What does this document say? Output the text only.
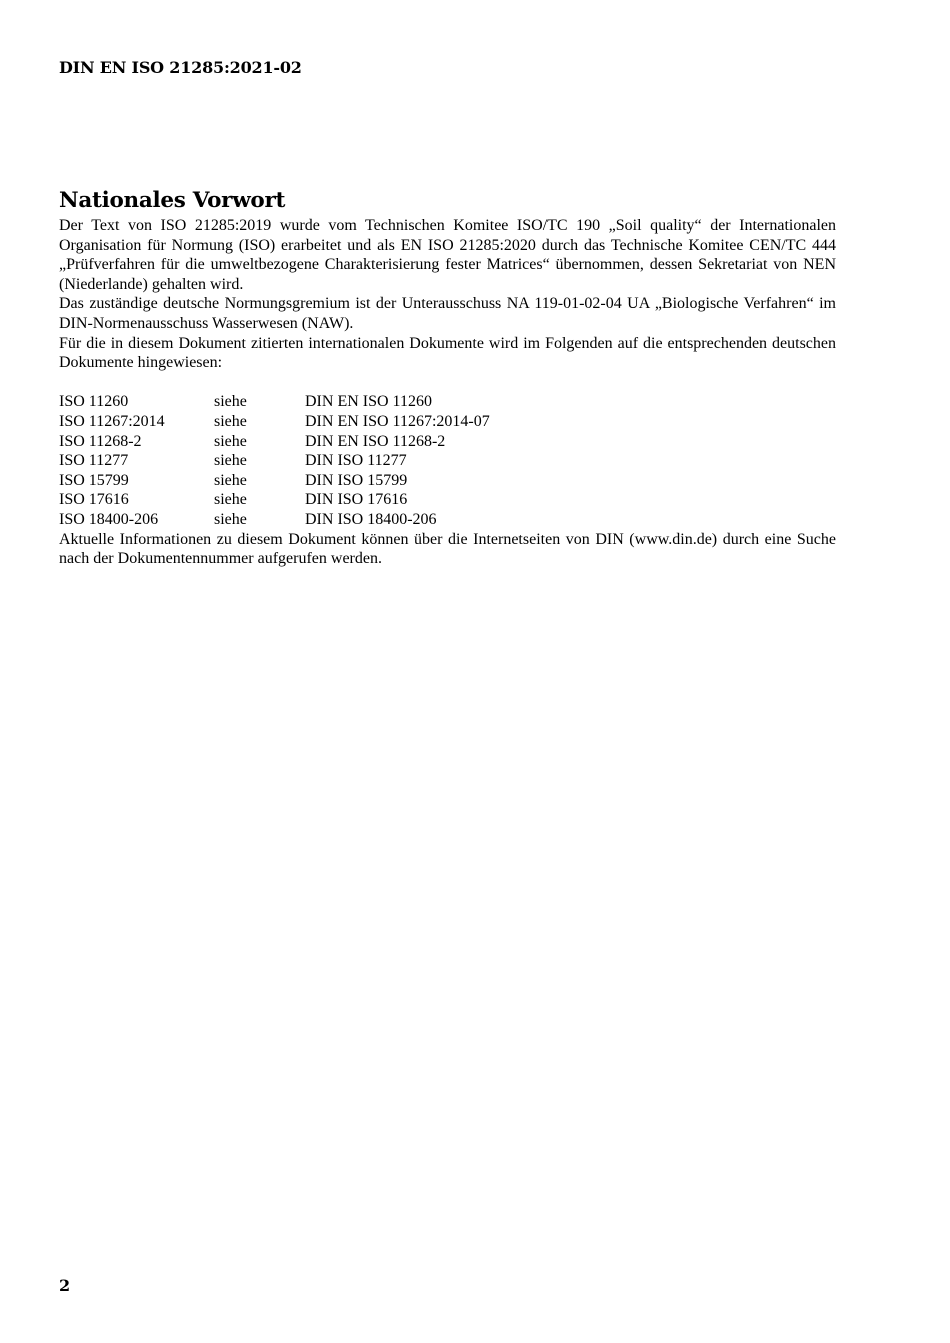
DIN EN ISO 21285:2021-02
Nationales Vorwort

Der Text von ISO 21285:2019 wurde vom Technischen Komitee ISO/TC 190 „Soil quality“ der Internationalen Organisation für Normung (ISO) erarbeitet und als EN ISO 21285:2020 durch das Technische Komitee CEN/TC 444 „Prüfverfahren für die umweltbezogene Charakterisierung fester Matrices“ übernommen, dessen Sekretariat von NEN (Niederlande) gehalten wird.

Das zuständige deutsche Normungsgremium ist der Unterausschuss NA 119-01-02-04 UA „Biologische Verfahren“ im DIN-Normenausschuss Wasserwesen (NAW).

Für die in diesem Dokument zitierten internationalen Dokumente wird im Folgenden auf die entsprechenden deutschen Dokumente hingewiesen:

ISO 11260	siehe	DIN EN ISO 11260
ISO 11267:2014	siehe	DIN EN ISO 11267:2014-07
ISO 11268-2	siehe	DIN EN ISO 11268-2
ISO 11277	siehe	DIN ISO 11277
ISO 15799	siehe	DIN ISO 15799
ISO 17616	siehe	DIN ISO 17616
ISO 18400-206	siehe	DIN ISO 18400-206

Aktuelle Informationen zu diesem Dokument können über die Internetseiten von DIN (www.din.de) durch eine Suche nach der Dokumentennummer aufgerufen werden.

2
